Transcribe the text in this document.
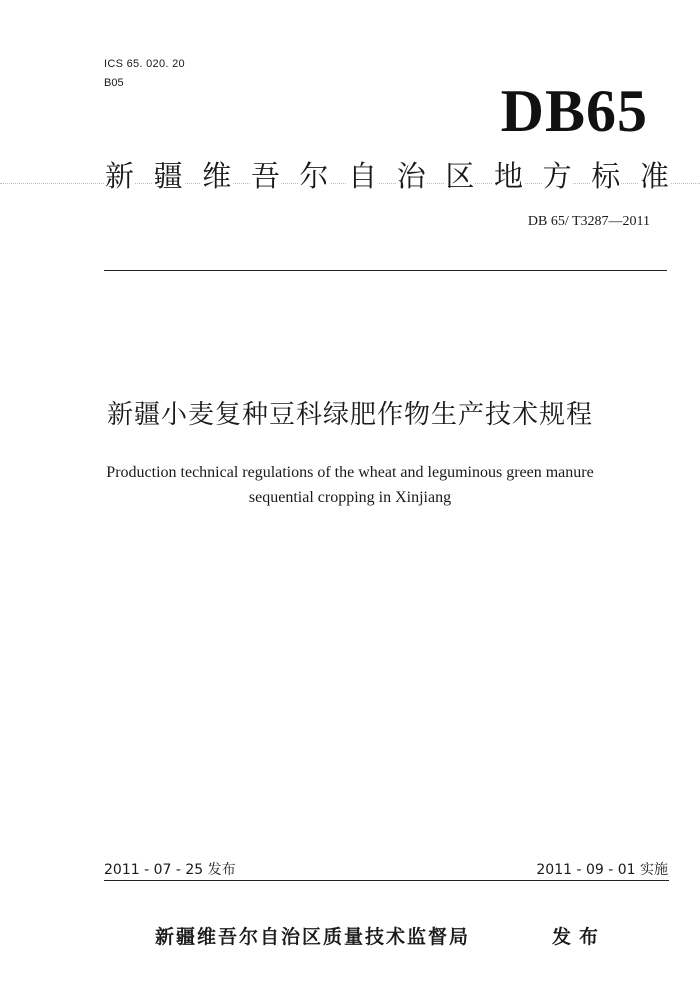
ICS 65. 020. 20
B05	DB65
新 疆 维 吾 尔 自 治 区 地 方 标 准
DB 65/ T3287—2011
新疆小麦复种豆科绿肥作物生产技术规程
Production technical regulations of the wheat and leguminous green manure
sequential cropping in Xinjiang
2011 - 07 - 25 发布	2011 - 09 - 01 实施
新疆维吾尔自治区质量技术监督局	发布
